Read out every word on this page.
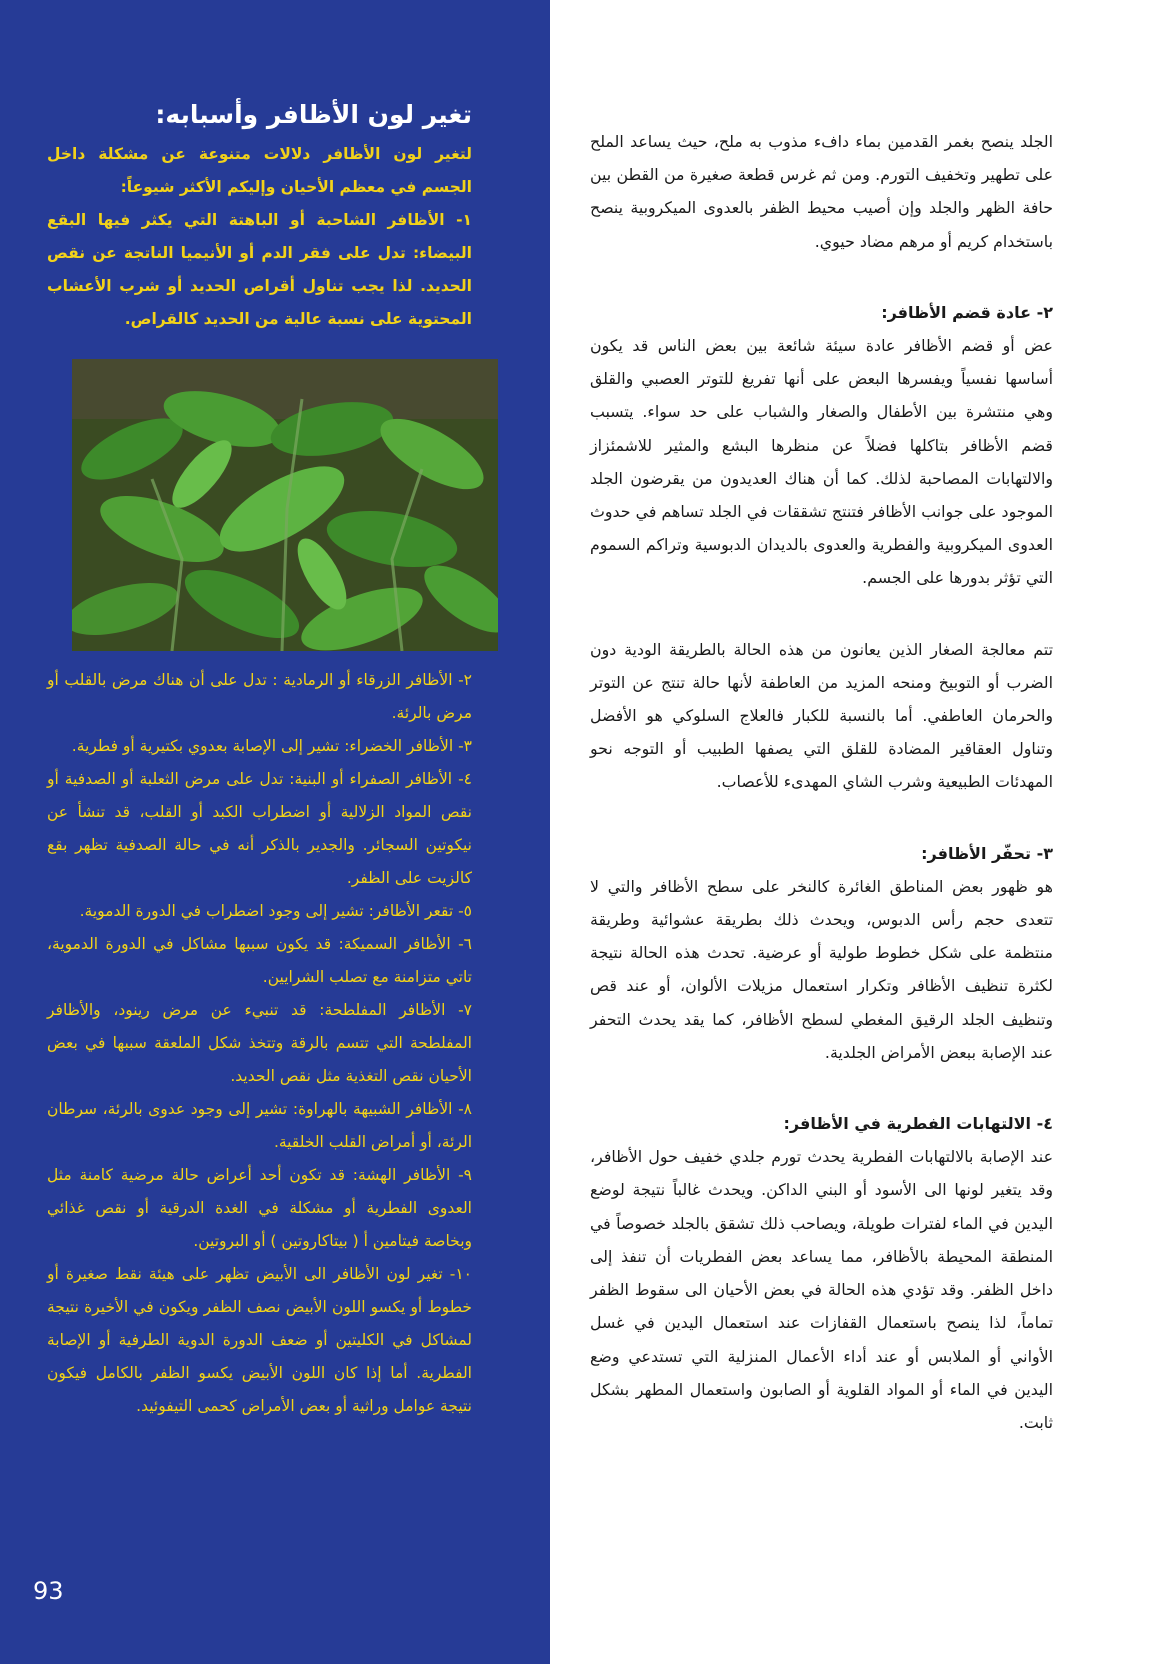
تغير لون الأظافر وأسبابه:

لتغير لون الأظافر دلالات متنوعة عن مشكلة داخل الجسم في معظم الأحيان وإليكم الأكثر شيوعاً:

١- الأظافر الشاحبة أو الباهتة التي يكثر فيها البقع البيضاء: تدل على فقر الدم أو الأنيميا الناتجة عن نقص الحديد. لذا يجب تناول أقراص الحديد أو شرب الأعشاب المحتوية على نسبة عالية من الحديد كالقراص.

٢- الأظافر الزرقاء أو الرمادية : تدل على أن هناك مرض بالقلب أو مرض بالرئة.

٣- الأظافر الخضراء: تشير إلى الإصابة بعدوي بكتيرية أو فطرية.

٤- الأظافر الصفراء أو البنية: تدل على مرض الثعلبة أو الصدفية أو نقص المواد الزلالية أو اضطراب الكبد أو القلب، قد تنشأ عن نيكوتين السجائر. والجدير بالذكر أنه في حالة الصدفية تظهر بقع كالزيت على الظفر.

٥- تقعر الأظافر: تشير إلى وجود اضطراب في الدورة الدموية.

٦- الأظافر السميكة: قد يكون سببها مشاكل في الدورة الدموية، تاتي متزامنة مع تصلب الشرايين.

٧- الأظافر المفلطحة: قد تنبيء عن مرض رينود، والأظافر المفلطحة التي تتسم بالرقة وتتخذ شكل الملعقة سببها في بعض الأحيان نقص التغذية مثل نقص الحديد.

٨- الأظافر الشبيهة بالهراوة: تشير إلى وجود عدوى بالرئة، سرطان الرئة، أو أمراض القلب الخلقية.

٩- الأظافر الهشة: قد تكون أحد أعراض حالة مرضية كامنة مثل العدوى الفطرية أو مشكلة في الغدة الدرقية أو نقص غذائي وبخاصة فيتامين أ ( بيتاكاروتين ) أو البروتين.

١٠- تغير لون الأظافر الى الأبيض تظهر على هيئة نقط صغيرة أو خطوط أو يكسو اللون الأبيض نصف الظفر ويكون في الأخيرة نتيجة لمشاكل في الكليتين أو ضعف الدورة الدوية الطرفية أو الإصابة الفطرية. أما إذا كان اللون الأبيض يكسو الظفر بالكامل فيكون نتيجة عوامل وراثية أو بعض الأمراض كحمى التيفوئيد.

93

الجلد ينصح بغمر القدمين بماء دافء مذوب به ملح، حيث يساعد الملح على تطهير وتخفيف التورم. ومن ثم غرس قطعة صغيرة من القطن بين حافة الظهر والجلد وإن أصيب محيط الظفر بالعدوى الميكروبية ينصح باستخدام كريم أو مرهم مضاد حيوي.

٢- عادة قضم الأظافر:

عض أو قضم الأظافر عادة سيئة شائعة بين بعض الناس قد يكون أساسها نفسياً ويفسرها البعض على أنها تفريغ للتوتر العصبي والقلق وهي منتشرة بين الأطفال والصغار والشباب على حد سواء. يتسبب قضم الأظافر بتاكلها فضلاً عن منظرها البشع والمثير للاشمئزاز والالتهابات المصاحبة لذلك. كما أن هناك العديدون من يقرضون الجلد الموجود على جوانب الأظافر فتنتج تشققات في الجلد تساهم في حدوث العدوى الميكروبية والفطرية والعدوى بالديدان الدبوسية وتراكم السموم التي تؤثر بدورها على الجسم.

تتم معالجة الصغار الذين يعانون من هذه الحالة بالطريقة الودية دون الضرب أو التوبيخ ومنحه المزيد من العاطفة لأنها حالة تنتج عن التوتر والحرمان العاطفي. أما بالنسبة للكبار فالعلاج السلوكي هو الأفضل وتناول العقاقير المضادة للقلق التي يصفها الطبيب أو التوجه نحو المهدئات الطبيعية وشرب الشاي المهدىء للأعصاب.

٣- تحفّر الأظافر:

هو ظهور بعض المناطق الغائرة كالنخر على سطح الأظافر والتي لا تتعدى حجم رأس الدبوس، ويحدث ذلك بطريقة عشوائية وطريقة منتظمة على شكل خطوط طولية أو عرضية. تحدث هذه الحالة نتيجة لكثرة تنظيف الأظافر وتكرار استعمال مزيلات الألوان، أو عند قص وتنظيف الجلد الرقيق المغطي لسطح الأظافر، كما يقد يحدث التحفر عند الإصابة ببعض الأمراض الجلدية.

٤- الالتهابات الفطرية في الأظافر:

عند الإصابة بالالتهابات الفطرية يحدث تورم جلدي خفيف حول الأظافر، وقد يتغير لونها الى الأسود أو البني الداكن. ويحدث غالباً نتيجة لوضع اليدين في الماء لفترات طويلة، ويصاحب ذلك تشقق بالجلد خصوصاً في المنطقة المحيطة بالأظافر، مما يساعد بعض الفطريات أن تنفذ إلى داخل الظفر. وقد تؤدي هذه الحالة في بعض الأحيان الى سقوط الظفر تماماً، لذا ينصح باستعمال القفازات عند استعمال اليدين في غسل الأواني أو الملابس أو عند أداء الأعمال المنزلية التي تستدعي وضع اليدين في الماء أو المواد القلوية أو الصابون واستعمال المطهر بشكل ثابت.
